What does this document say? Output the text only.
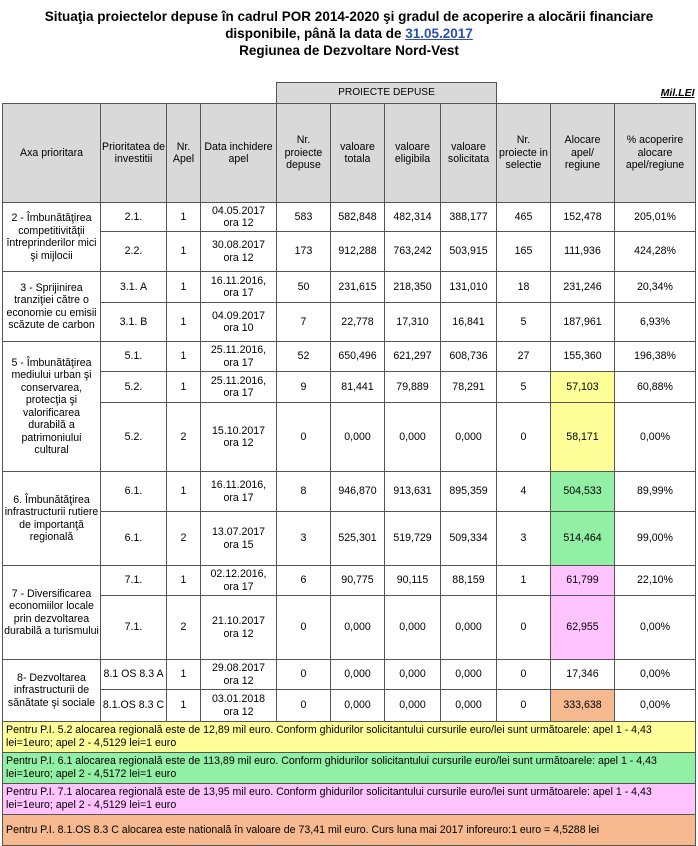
Situaţia proiectelor depuse în cadrul POR 2014-2020 şi gradul de acoperire a alocării financiare
disponibile, până la data de 31.05.2017
Regiunea de Dezvoltare Nord-Vest
				PROIECTE DEPUSE						Mil.LEI
Axa prioritara	Prioritatea de investitii	Nr. Apel	Data inchidere apel	Nr. proiecte depuse	valoare totala	valoare eligibila	valoare solicitata	Nr. proiecte in selectie	Alocare apel/ regiune	% acoperire alocare apel/regiune
2 - Îmbunătăţirea competitivităţii întreprinderilor mici şi mijlocii	2.1.	1	04.05.2017
ora 12	583	582,848	482,314	388,177	465	152,478	205,01%
	2.2.	1	30.08.2017
ora 12	173	912,288	763,242	503,915	165	111,936	424,28%
3 - Sprijinirea tranziţiei către o economie cu emisii scăzute de carbon	3.1. A	1	16.11.2016,
ora 17	50	231,615	218,350	131,010	18	231,246	20,34%
	3.1. B	1	04.09.2017
ora 10	7	22,778	17,310	16,841	5	187,961	6,93%
5 - Îmbunătăţirea mediului urban şi conservarea, protecţia şi valorificarea durabilă a patrimoniului cultural	5.1.	1	25.11.2016,
ora 17	52	650,496	621,297	608,736	27	155,360	196,38%
	5.2.	1	25.11.2016,
ora 17	9	81,441	79,889	78,291	5	57,103	60,88%
	5.2.	2	15.10.2017
ora 12	0	0,000	0,000	0,000	0	58,171	0,00%
6. Îmbunătăţirea infrastructurii rutiere de importanţă regională	6.1.	1	16.11.2016,
ora 17	8	946,870	913,631	895,359	4	504,533	89,99%
	6.1.	2	13.07.2017
ora 15	3	525,301	519,729	509,334	3	514,464	99,00%
7 - Diversificarea economiilor locale prin dezvoltarea durabilă a turismului	7.1.	1	02.12.2016,
ora 17	6	90,775	90,115	88,159	1	61,799	22,10%
	7.1.	2	21.10.2017
ora 12	0	0,000	0,000	0,000	0	62,955	0,00%
8- Dezvoltarea infrastructurii de sănătate şi sociale	8.1 OS 8.3 A	1	29.08.2017
ora 12	0	0,000	0,000	0,000	0	17,346	0,00%
	8.1.OS 8.3 C	1	03.01.2018
ora 12	0	0,000	0,000	0,000	0	333,638	0,00%
Pentru P.I. 5.2 alocarea regională este de 12,89 mil euro. Conform ghidurilor solicitantului cursurile euro/lei sunt următoarele: apel 1 - 4,43 lei=1euro; apel 2 - 4,5129 lei=1 euro										
Pentru P.I. 6.1 alocarea regională este de 113,89 mil euro. Conform ghidurilor solicitantului cursurile euro/lei sunt următoarele: apel 1 - 4,43 lei=1euro; apel 2 - 4,5172 lei=1 euro										
Pentru P.I. 7.1 alocarea regională este de 13,95 mil euro. Conform ghidurilor solicitantului cursurile euro/lei sunt următoarele: apel 1 - 4,43 lei=1euro; apel 2 - 4,5129 lei=1 euro										
Pentru P.I. 8.1.OS 8.3 C alocarea este natională în valoare de 73,41 mil euro. Curs luna mai 2017 inforeuro:1 euro = 4,5288 lei										
